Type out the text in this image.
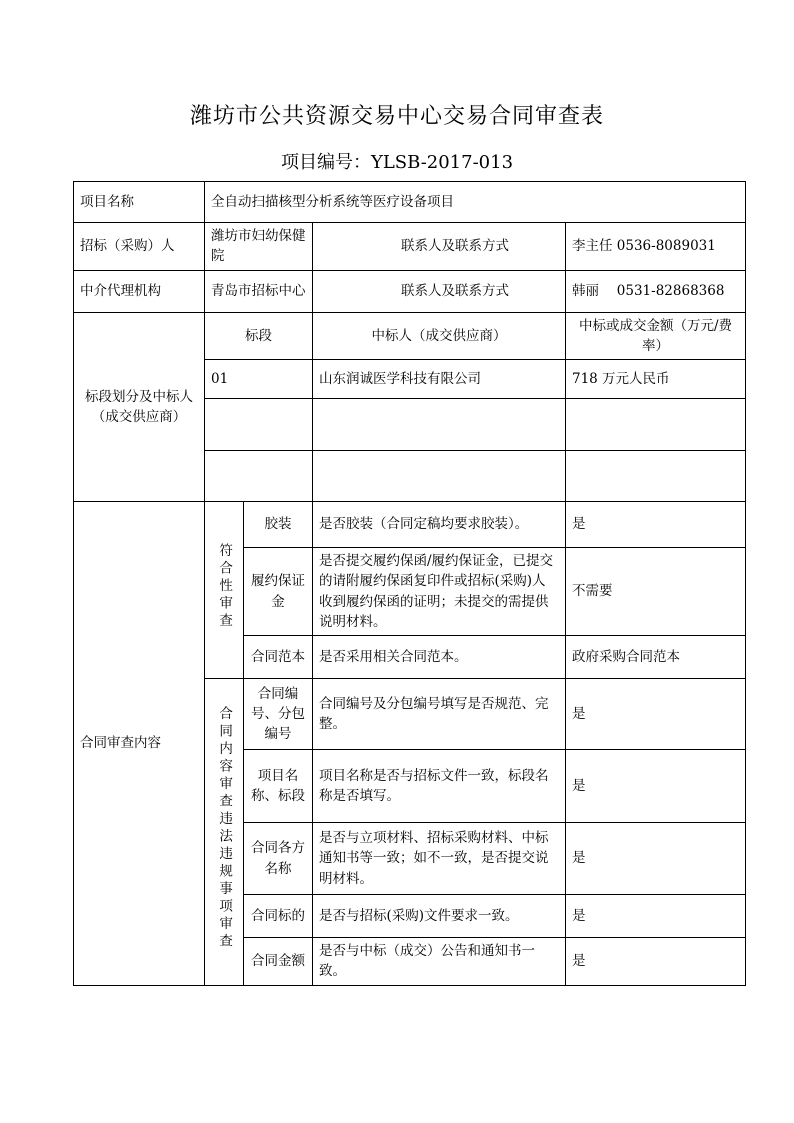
潍坊市公共资源交易中心交易合同审查表
项目编号：YLSB-2017-013
项目名称	全自动扫描核型分析系统等医疗设备项目			
招标（采购）人	潍坊市妇幼保健院		联系人及联系方式	李主任 0536-8089031
中介代理机构	青岛市招标中心		联系人及联系方式	韩丽　 0531-82868368
标段划分及中标人（成交供应商）	标段		中标人（成交供应商）	中标或成交金额（万元/费率）
	01		山东润诚医学科技有限公司	718 万元人民币

合同审查内容	符合性审查	胶装	是否胶装（合同定稿均要求胶装）。	是
		履约保证金	是否提交履约保函/履约保证金，已提交的请附履约保函复印件或招标(采购)人收到履约保函的证明；未提交的需提供说明材料。	不需要
		合同范本	是否采用相关合同范本。	政府采购合同范本
	合同内容审查违法违规事项审查	合同编号、分包编号	合同编号及分包编号填写是否规范、完整。	是
		项目名称、标段	项目名称是否与招标文件一致，标段名称是否填写。	是
		合同各方名称	是否与立项材料、招标采购材料、中标通知书等一致；如不一致，是否提交说明材料。	是
		合同标的	是否与招标(采购)文件要求一致。	是
		合同金额	是否与中标（成交）公告和通知书一致。	是
